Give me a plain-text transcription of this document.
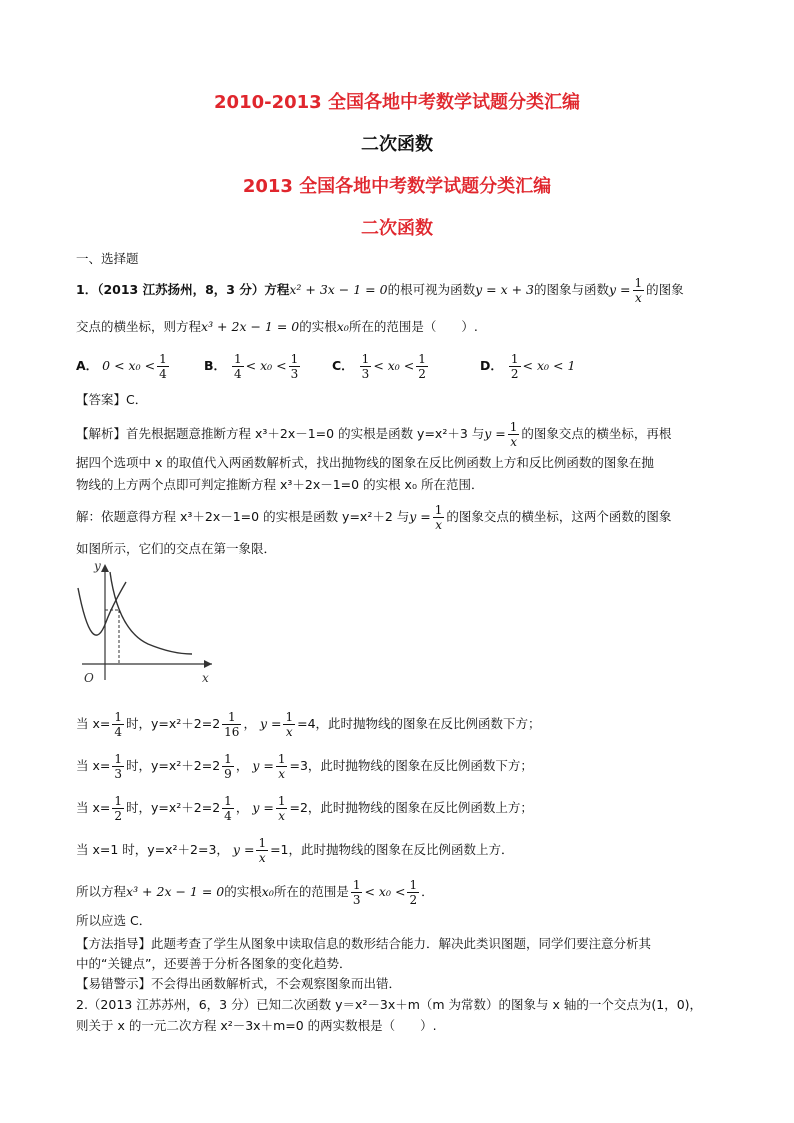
2010-2013 全国各地中考数学试题分类汇编
二次函数
2013 全国各地中考数学试题分类汇编
二次函数
一、选择题
1．（2013 江苏扬州，8，3 分）方程x² + 3x − 1 = 0的根可视为函数y = x + 3的图象与函数$y = \frac{1}{x}$ 的图象
交点的横坐标，则方程x³ + 2x − 1 = 0的实根x₀所在的范围是（　　）.
A． $0 < x_0 < \frac{1}{4}$	B． $\frac{1}{4} < x_0 < \frac{1}{3}$	C． $\frac{1}{3} < x_0 < \frac{1}{2}$	D． $\frac{1}{2} < x_0 < 1$
【答案】C．
【解析】首先根据题意推断方程 x³＋2x－1=0 的实根是函数 y=x²＋3 与$y = \frac{1}{x}$ 的图象交点的横坐标，再根
据四个选项中 x 的取值代入两函数解析式，找出抛物线的图象在反比例函数上方和反比例函数的图象在抛
物线的上方两个点即可判定推断方程 x³＋2x－1=0 的实根 x₀ 所在范围．
解：依题意得方程 x³＋2x－1=0 的实根是函数 y=x²＋2 与$y = \frac{1}{x}$ 的图象交点的横坐标，这两个函数的图象
如图所示，它们的交点在第一象限．
y
x
O
当 $x= \frac{1}{4}$ 时，$y=x^2+2=2 \frac{1}{16}$ ， $y = \frac{1}{x} =4$，此时抛物线的图象在反比例函数下方；
当 $x= \frac{1}{3}$ 时，$y=x^2+2=2 \frac{1}{9}$ ， $y = \frac{1}{x} =3$，此时抛物线的图象在反比例函数下方；
当 $x= \frac{1}{2}$ 时，$y=x^2+2=2 \frac{1}{4}$ ， $y = \frac{1}{x} =2$，此时抛物线的图象在反比例函数上方；
当 x=1 时，y=x²＋2=3， $y = \frac{1}{x} =1$，此时抛物线的图象在反比例函数上方．
所以方程x³ + 2x − 1 = 0的实根x₀所在的范围是 $\frac{1}{3} < x_0 < \frac{1}{2}$ ．
所以应选 C．
【方法指导】此题考查了学生从图象中读取信息的数形结合能力．解决此类识图题，同学们要注意分析其
中的“关键点”，还要善于分析各图象的变化趋势．
【易错警示】不会得出函数解析式，不会观察图象而出错．
2.（2013 江苏苏州，6，3 分）已知二次函数 y＝x²－3x＋m（m 为常数）的图象与 x 轴的一个交点为(1，0)，
则关于 x 的一元二次方程 x²－3x＋m=0 的两实数根是（　　）.
